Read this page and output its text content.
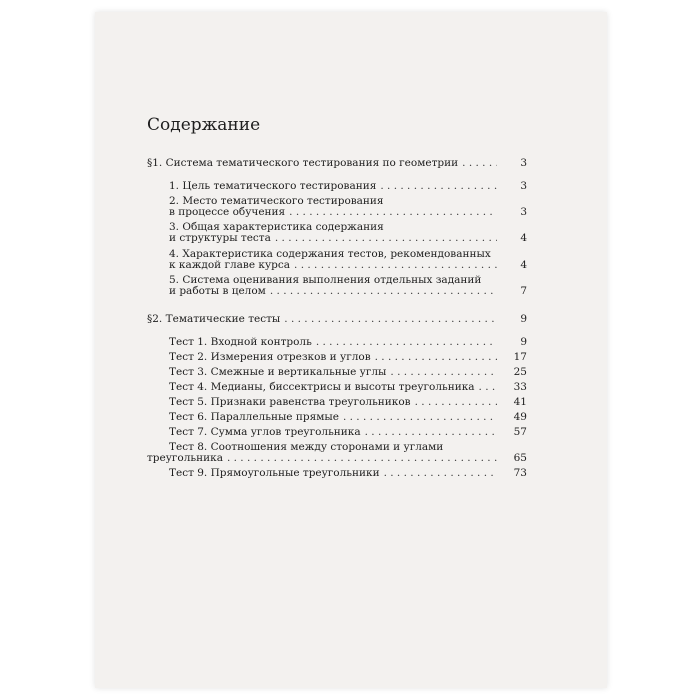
Содержание
§1. Система тематического тестирования по геометрии . . .	3
1. Цель тематического тестирования . . .	3
2. Место тематического тестирования
в процессе обучения . . .	3
3. Общая характеристика содержания
и структуры теста . . .	4
4. Характеристика содержания тестов, рекомендованных
к каждой главе курса . . .	4
5. Система оценивания выполнения отдельных заданий
и работы в целом . . .	7
§2. Тематические тесты . . .	9
Тест 1. Входной контроль . . .	9
Тест 2. Измерения отрезков и углов . . .	17
Тест 3. Смежные и вертикальные углы . . .	25
Тест 4. Медианы, биссектрисы и высоты треугольника . . .	33
Тест 5. Признаки равенства треугольников . . .	41
Тест 6. Параллельные прямые . . .	49
Тест 7. Сумма углов треугольника . . .	57
Тест 8. Соотношения между сторонами и углами
треугольника . . .	65
Тест 9. Прямоугольные треугольники . . .	73
